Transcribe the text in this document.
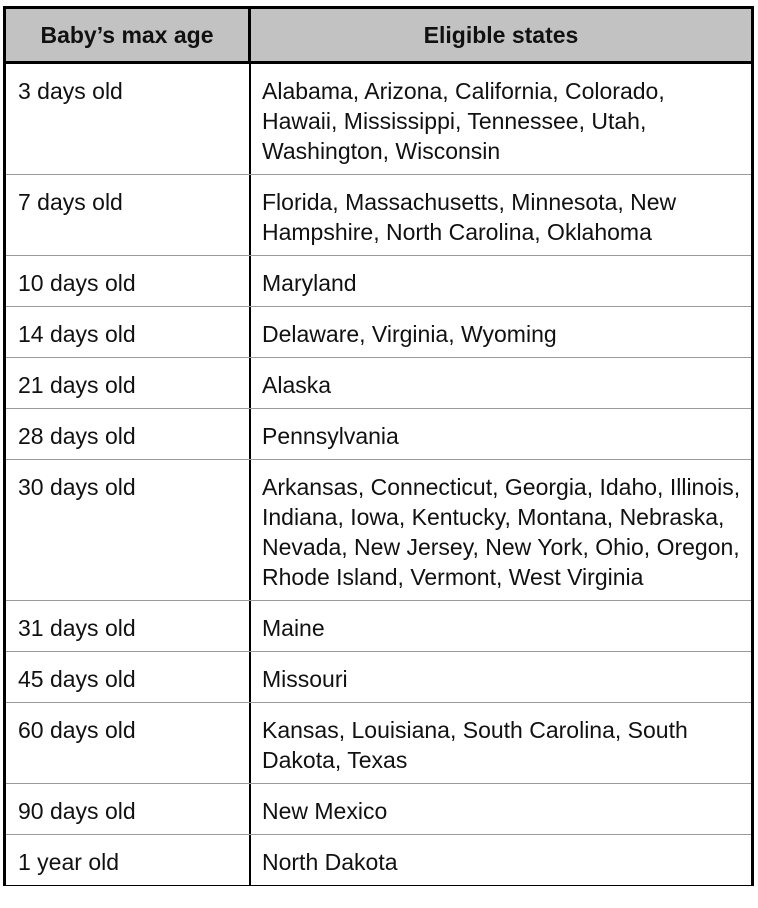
Baby’s max age	Eligible states
3 days old	Alabama, Arizona, California, Colorado, Hawaii, Mississippi, Tennessee, Utah, Washington, Wisconsin
7 days old	Florida, Massachusetts, Minnesota, New Hampshire, North Carolina, Oklahoma
10 days old	Maryland
14 days old	Delaware, Virginia, Wyoming
21 days old	Alaska
28 days old	Pennsylvania
30 days old	Arkansas, Connecticut, Georgia, Idaho, Illinois, Indiana, Iowa, Kentucky, Montana, Nebraska, Nevada, New Jersey, New York, Ohio, Oregon, Rhode Island, Vermont, West Virginia
31 days old	Maine
45 days old	Missouri
60 days old	Kansas, Louisiana, South Carolina, South Dakota, Texas
90 days old	New Mexico
1 year old	North Dakota
